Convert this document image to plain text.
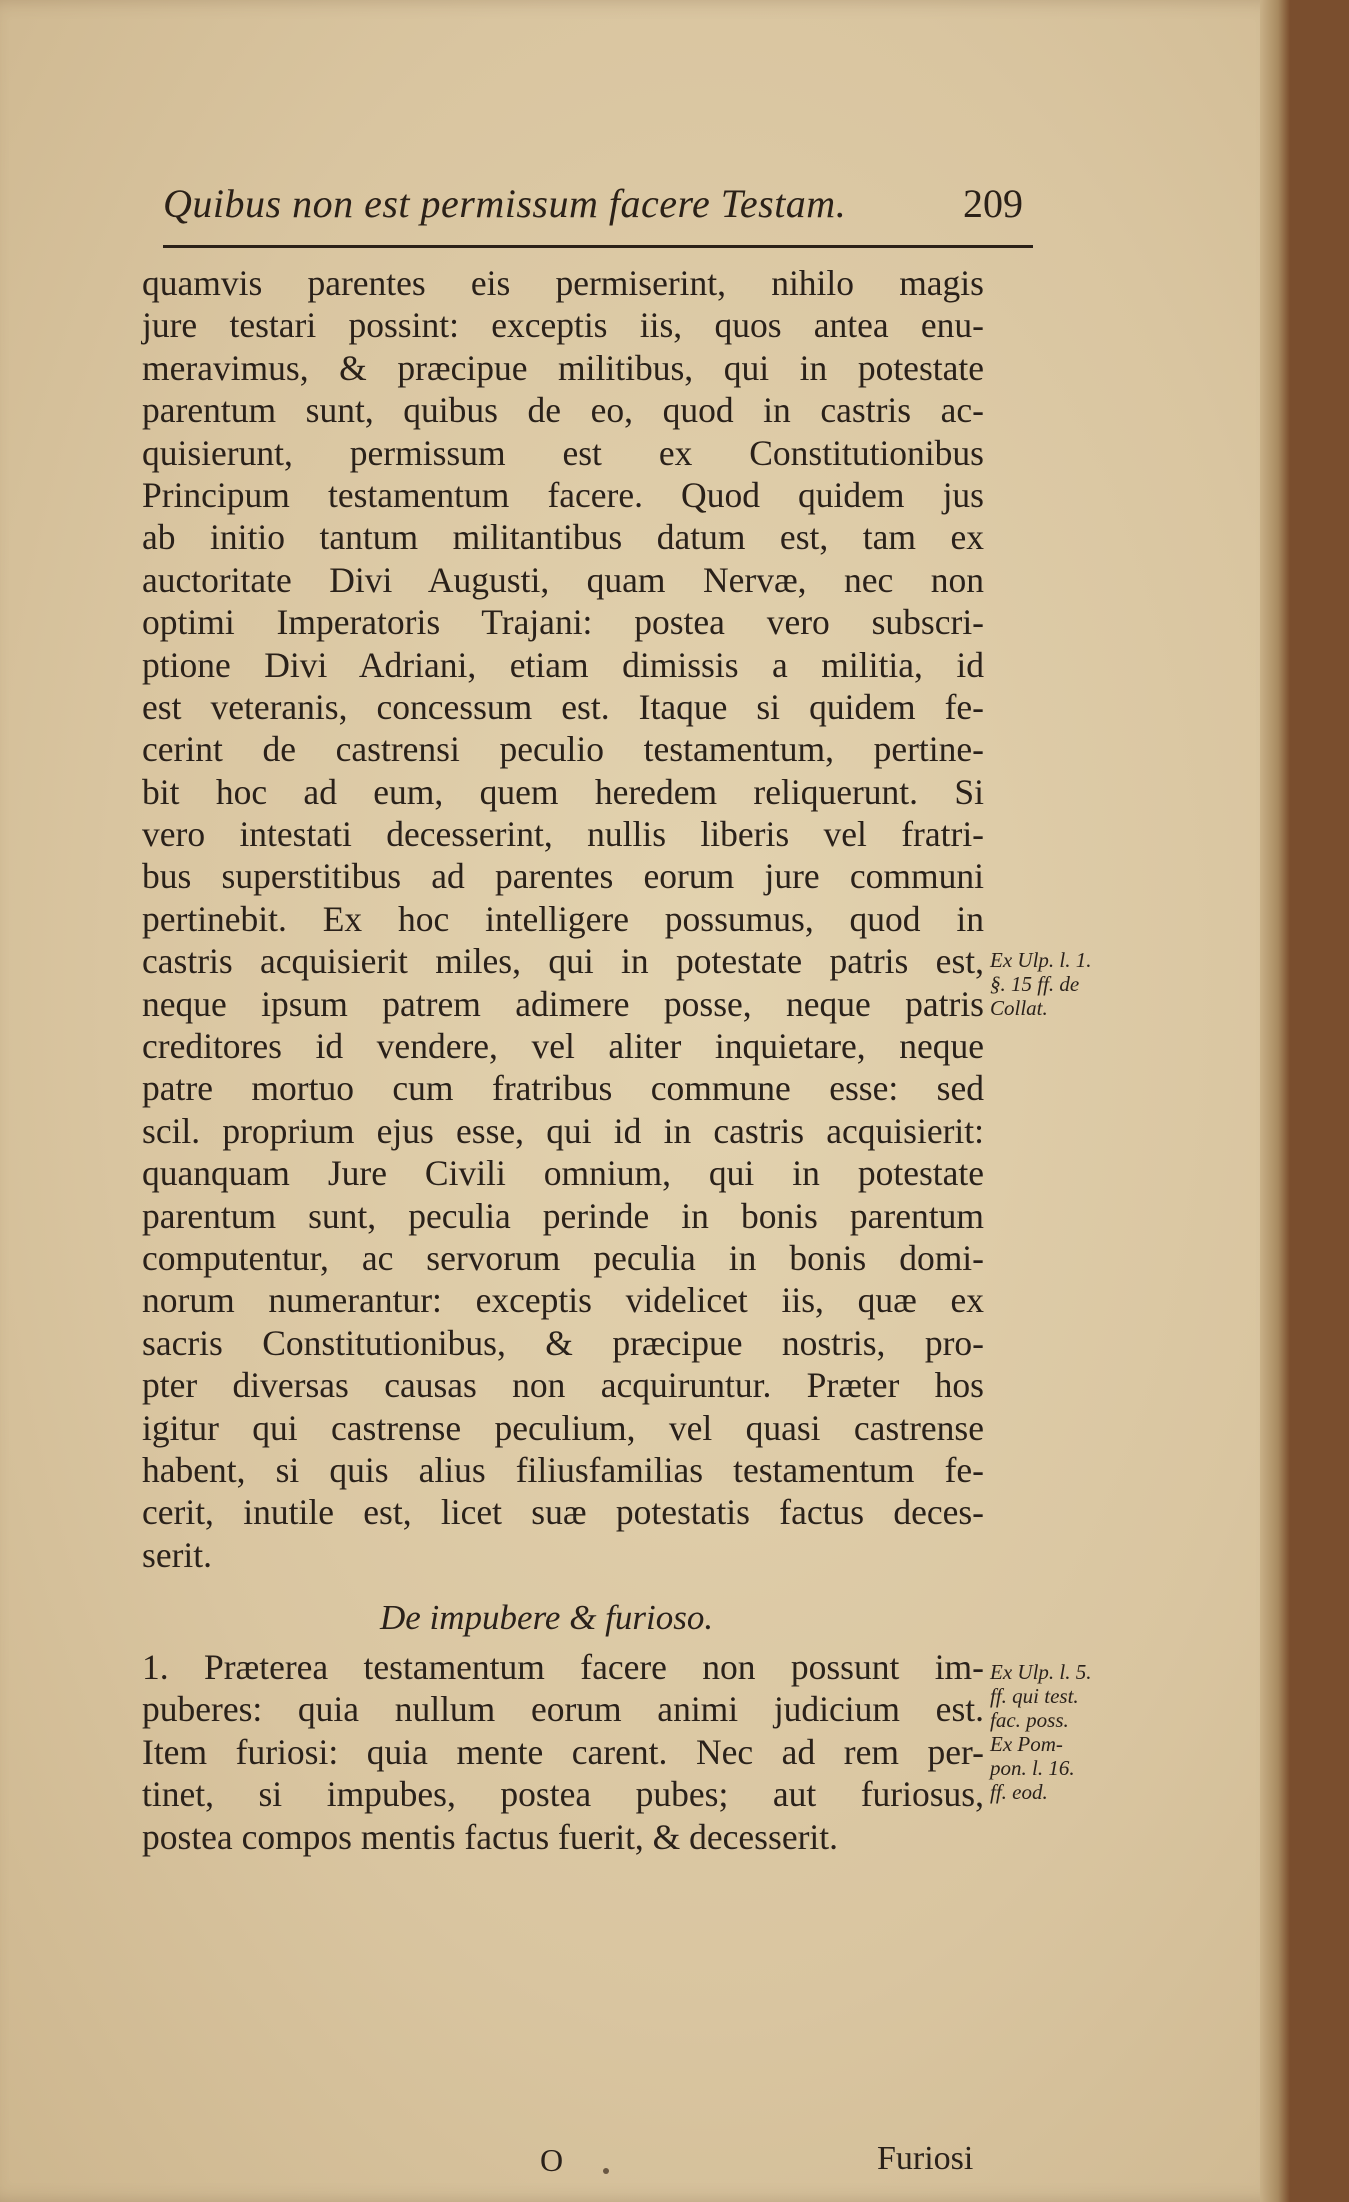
Quibus non est permissum facere Testam.	209
quamvis parentes eis permiserint, nihilo magis
jure testari possint: exceptis iis, quos antea enu-
meravimus, & præcipue militibus, qui in potestate
parentum sunt, quibus de eo, quod in castris ac-
quisierunt, permissum est ex Constitutionibus
Principum testamentum facere. Quod quidem jus
ab initio tantum militantibus datum est, tam ex
auctoritate Divi Augusti, quam Nervæ, nec non
optimi Imperatoris Trajani: postea vero subscri-
ptione Divi Adriani, etiam dimissis a militia, id
est veteranis, concessum est. Itaque si quidem fe-
cerint de castrensi peculio testamentum, pertine-
bit hoc ad eum, quem heredem reliquerunt. Si
vero intestati decesserint, nullis liberis vel fratri-
bus superstitibus ad parentes eorum jure communi
pertinebit. Ex hoc intelligere possumus, quod in
castris acquisierit miles, qui in potestate patris est,
neque ipsum patrem adimere posse, neque patris
creditores id vendere, vel aliter inquietare, neque
patre mortuo cum fratribus commune esse: sed
scil. proprium ejus esse, qui id in castris acquisierit:
quanquam Jure Civili omnium, qui in potestate
parentum sunt, peculia perinde in bonis parentum
computentur, ac servorum peculia in bonis domi-
norum numerantur: exceptis videlicet iis, quæ ex
sacris Constitutionibus, & præcipue nostris, pro-
pter diversas causas non acquiruntur. Præter hos
igitur qui castrense peculium, vel quasi castrense
habent, si quis alius filiusfamilias testamentum fe-
cerit, inutile est, licet suæ potestatis factus deces-
serit.
De impubere & furioso.
1. Præterea testamentum facere non possunt im-
puberes: quia nullum eorum animi judicium est.
Item furiosi: quia mente carent. Nec ad rem per-
tinet, si impubes, postea pubes; aut furiosus,
postea compos mentis factus fuerit, & decesserit.
Ex Ulp. l. 1.
§. 15 ff. de
Collat.
Ex Ulp. l. 5.
ff. qui test.
fac. poss.
Ex Pom-
pon. l. 16.
ff. eod.
O	Furiosi
